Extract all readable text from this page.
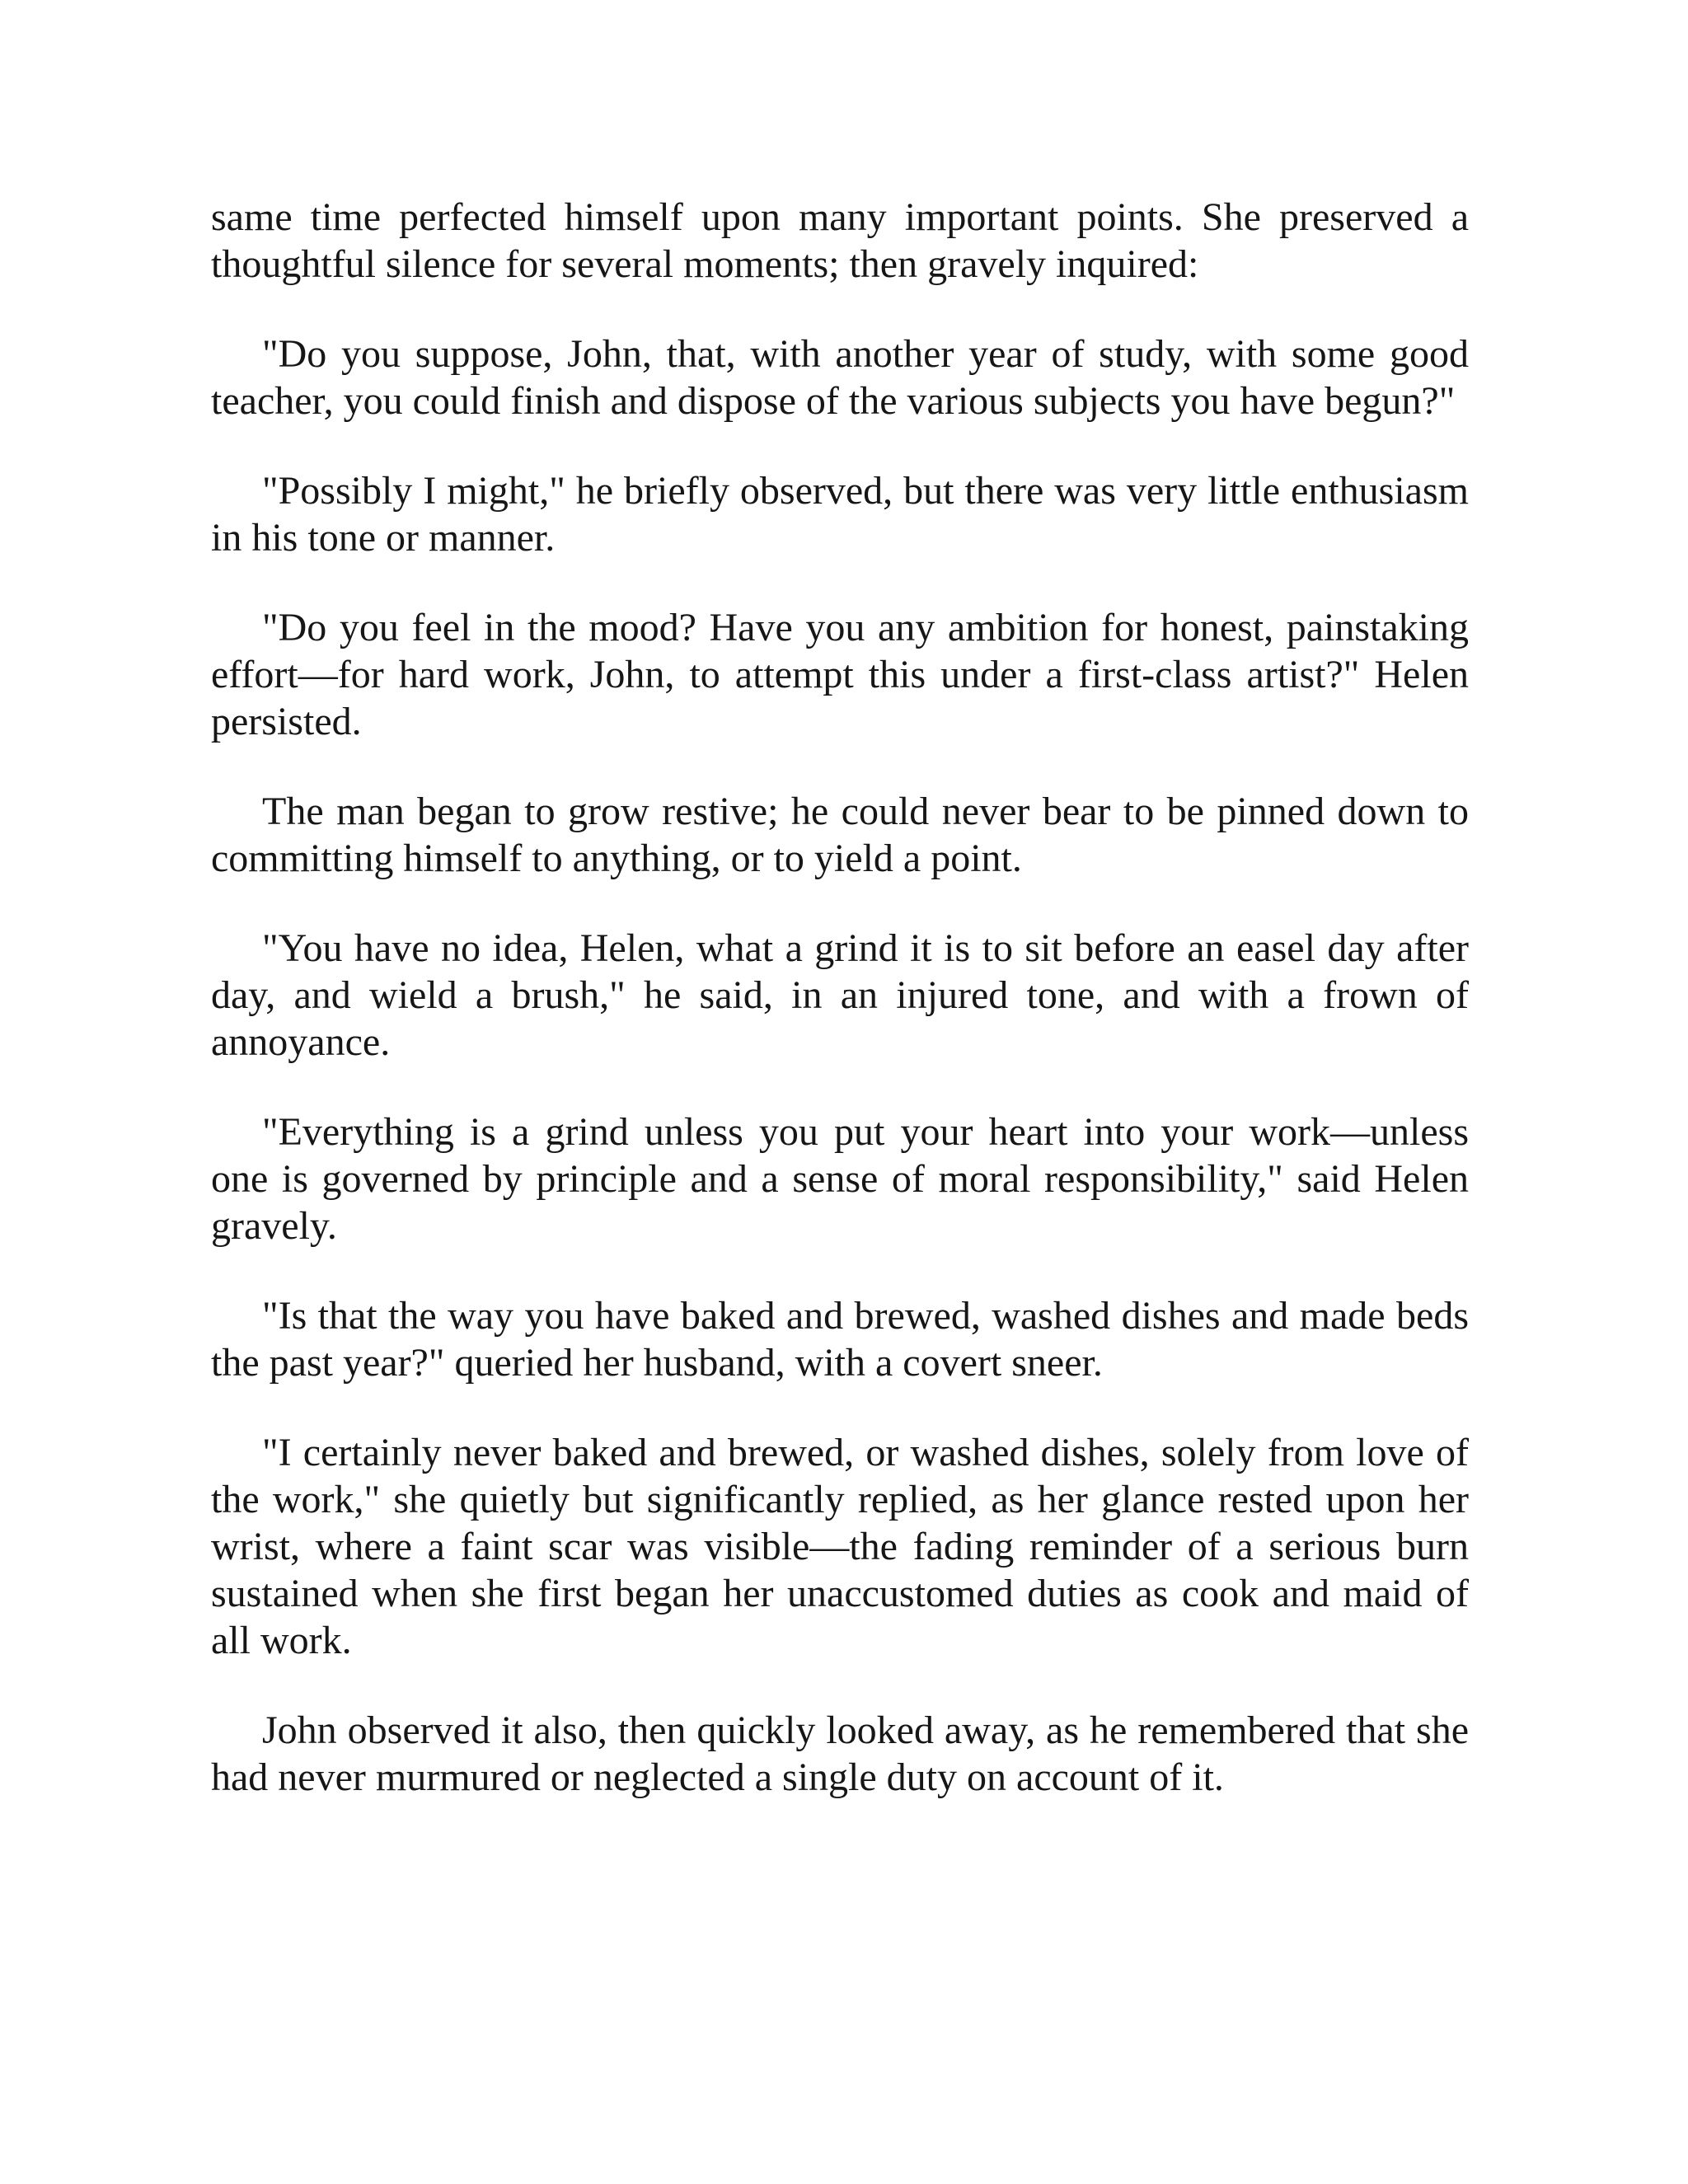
same time perfected himself upon many important points. She preserved a thoughtful silence for several moments; then gravely inquired:

"Do you suppose, John, that, with another year of study, with some good teacher, you could finish and dispose of the various subjects you have begun?"

"Possibly I might," he briefly observed, but there was very little enthusiasm in his tone or manner.

"Do you feel in the mood? Have you any ambition for honest, painstaking effort—for hard work, John, to attempt this under a first-class artist?" Helen persisted.

The man began to grow restive; he could never bear to be pinned down to committing himself to anything, or to yield a point.

"You have no idea, Helen, what a grind it is to sit before an easel day after day, and wield a brush," he said, in an injured tone, and with a frown of annoyance.

"Everything is a grind unless you put your heart into your work—unless one is governed by principle and a sense of moral responsibility," said Helen gravely.

"Is that the way you have baked and brewed, washed dishes and made beds the past year?" queried her husband, with a covert sneer.

"I certainly never baked and brewed, or washed dishes, solely from love of the work," she quietly but significantly replied, as her glance rested upon her wrist, where a faint scar was visible—the fading reminder of a serious burn sustained when she first began her unaccustomed duties as cook and maid of all work.

John observed it also, then quickly looked away, as he remembered that she had never murmured or neglected a single duty on account of it.
